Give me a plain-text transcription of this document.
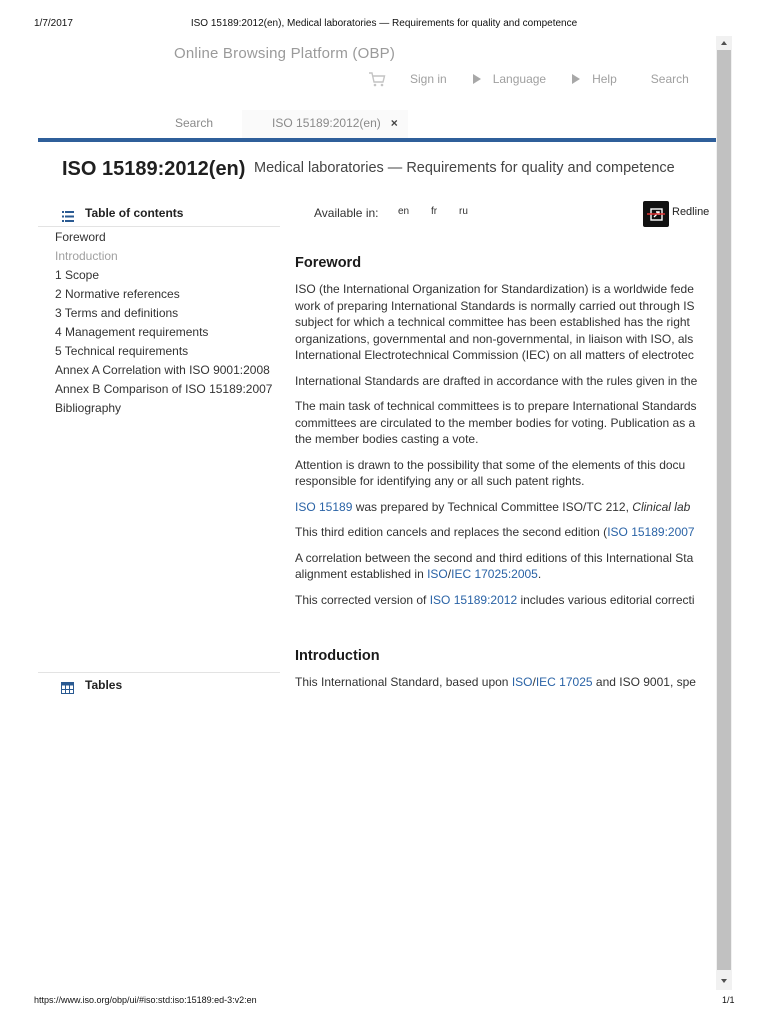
1/7/2017	ISO 15189:2012(en), Medical laboratories — Requirements for quality and competence
Online Browsing Platform (OBP)
Sign in	Language	Help	Search
Search	ISO 15189:2012(en) ×
ISO 15189:2012(en) Medical laboratories — Requirements for quality and competence
Table of contents
Foreword
Introduction
1 Scope
2 Normative references
3 Terms and definitions
4 Management requirements
5 Technical requirements
Annex A Correlation with ISO 9001:2008
Annex B Comparison of ISO 15189:2007
Bibliography
Tables
Available in: en fr ru	Redline
Foreword

ISO (the International Organization for Standardization) is a worldwide fede
work of preparing International Standards is normally carried out through IS
subject for which a technical committee has been established has the right
organizations, governmental and non-governmental, in liaison with ISO, als
International Electrotechnical Commission (IEC) on all matters of electrotec

International Standards are drafted in accordance with the rules given in the

The main task of technical committees is to prepare International Standards
committees are circulated to the member bodies for voting. Publication as a
the member bodies casting a vote.

Attention is drawn to the possibility that some of the elements of this docu
responsible for identifying any or all such patent rights.

ISO 15189 was prepared by Technical Committee ISO/TC 212, Clinical lab

This third edition cancels and replaces the second edition (ISO 15189:2007

A correlation between the second and third editions of this International Sta
alignment established in ISO/IEC 17025:2005.

This corrected version of ISO 15189:2012 includes various editorial correcti

Introduction

This International Standard, based upon ISO/IEC 17025 and ISO 9001, spe

https://www.iso.org/obp/ui/#iso:std:iso:15189:ed-3:v2:en	1/1
